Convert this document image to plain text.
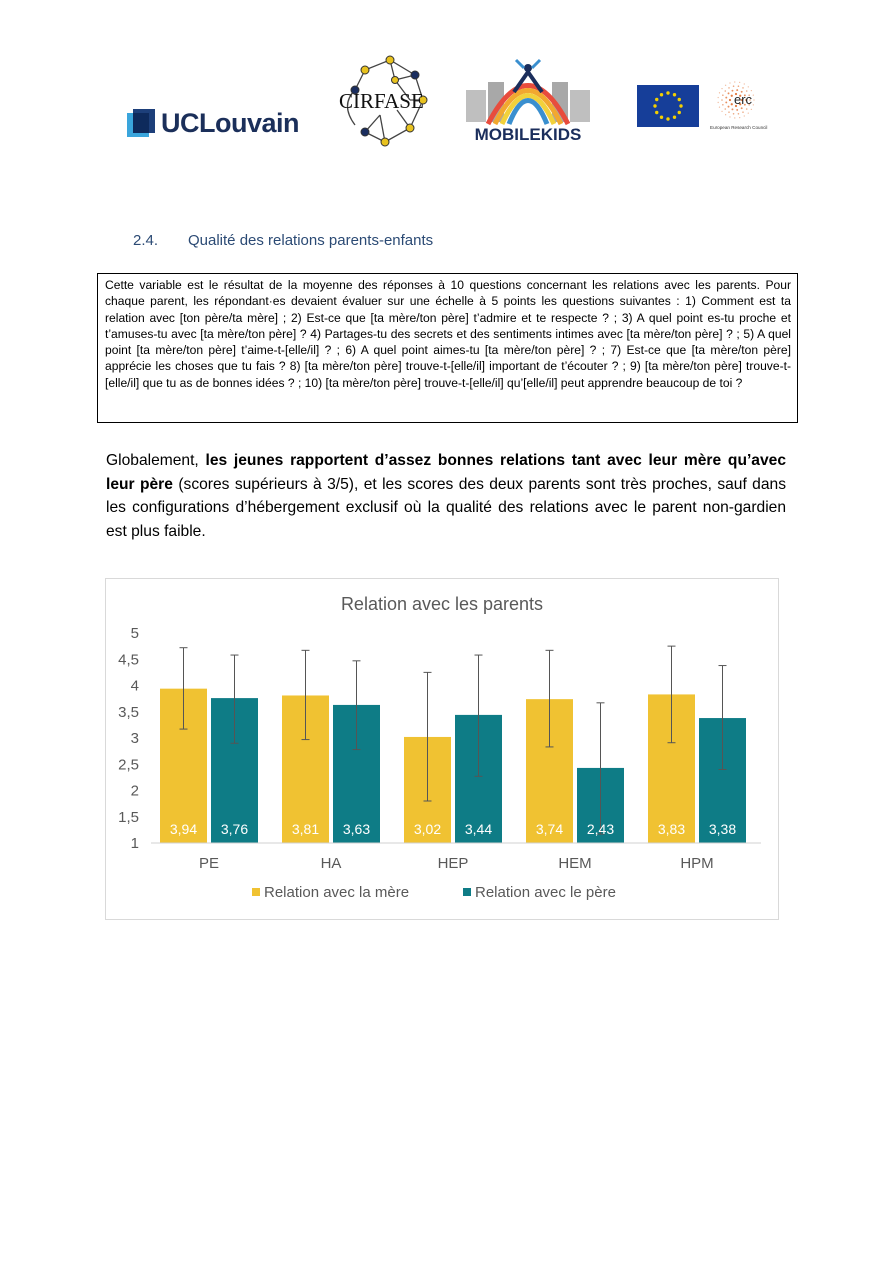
UCLouvain
CIRFASE
MOBILEKIDS
erc
European Research Council
2.4. Qualité des relations parents-enfants
Cette variable est le résultat de la moyenne des réponses à 10 questions concernant les relations avec les parents. Pour chaque parent, les répondant·es devaient évaluer sur une échelle à 5 points les questions suivantes : 1) Comment est ta relation avec [ton père/ta mère] ; 2) Est-ce que [ta mère/ton père] t’admire et te respecte ? ; 3) A quel point es-tu proche et t’amuses-tu avec [ta mère/ton père] ? 4) Partages-tu des secrets et des sentiments intimes avec [ta mère/ton père] ? ; 5) A quel point [ta mère/ton père] t’aime-t-[elle/il] ? ; 6) A quel point aimes-tu [ta mère/ton père] ? ; 7) Est-ce que [ta mère/ton père] apprécie les choses que tu fais ? 8) [ta mère/ton père] trouve-t-[elle/il] important de t’écouter ? ; 9) [ta mère/ton père] trouve-t-[elle/il] que tu as de bonnes idées ? ; 10) [ta mère/ton père] trouve-t-[elle/il] qu’[elle/il] peut apprendre beaucoup de toi ?
Globalement, les jeunes rapportent d’assez bonnes relations tant avec leur mère qu’avec leur père (scores supérieurs à 3/5), et les scores des deux parents sont très proches, sauf dans les configurations d’hébergement exclusif où la qualité des relations avec le parent non-gardien est plus faible.
Relation avec les parents
1
1,5
2
2,5
3
3,5
4
4,5
5
3,94 3,76	3,81 3,63	3,02 3,44	3,74 2,43	3,83 3,38
PE	HA	HEP	HEM	HPM
Relation avec la mère	Relation avec le père
